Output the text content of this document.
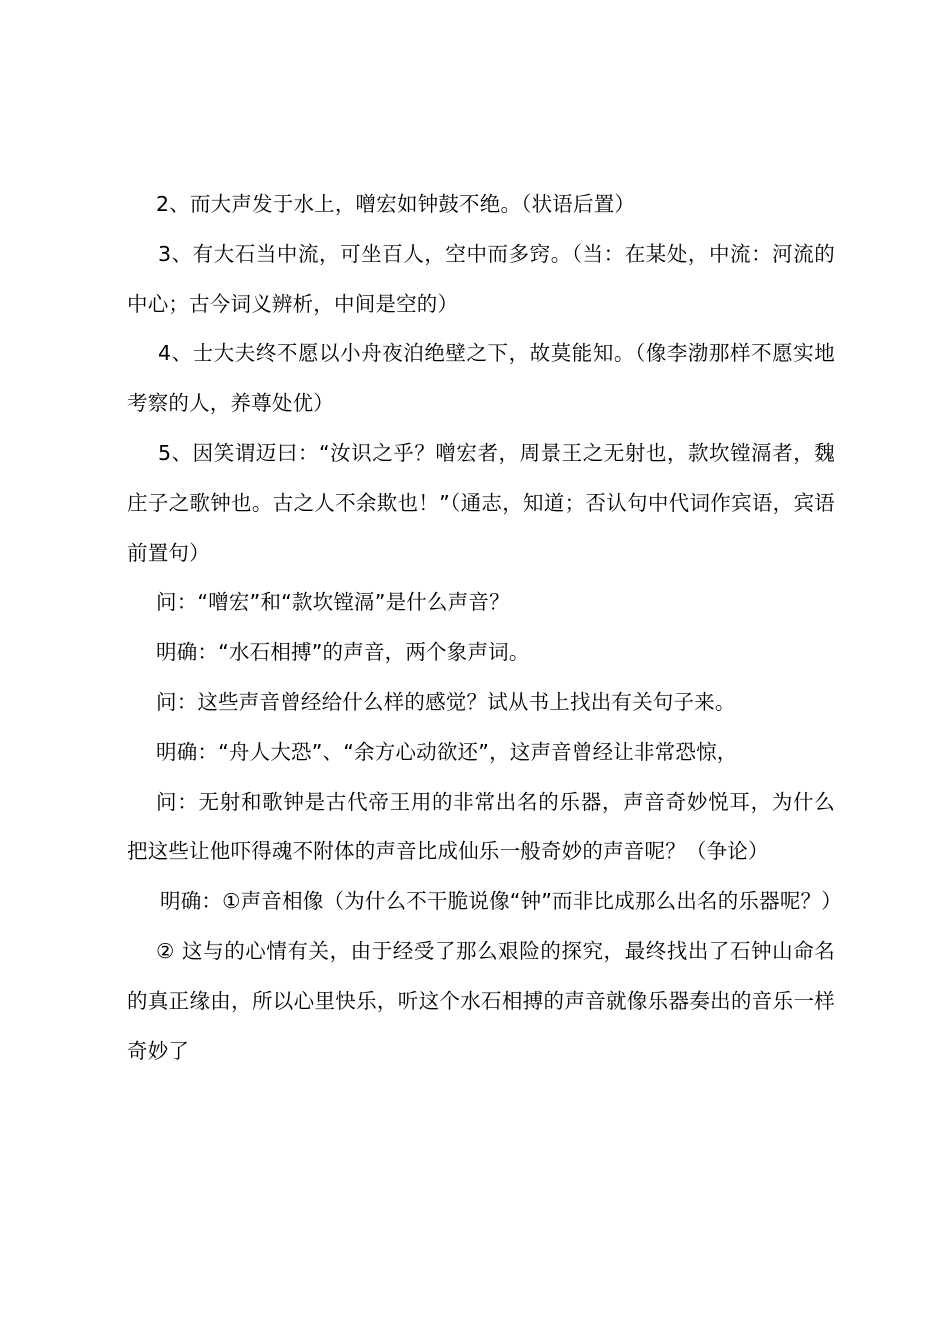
2、而大声发于水上，噌宏如钟鼓不绝。（状语后置）

3、有大石当中流，可坐百人，空中而多窍。（当：在某处，中流：河流的中心；古今词义辨析，中间是空的）

4、士大夫终不愿以小舟夜泊绝壁之下，故莫能知。（像李渤那样不愿实地考察的人，养尊处优）

5、因笑谓迈曰：“汝识之乎？噌宏者，周景王之无射也，款坎镗滆者，魏庄子之歌钟也。古之人不余欺也！”（通志，知道；否认句中代词作宾语，宾语前置句）

问：“噌宏”和“款坎镗滆”是什么声音？

明确：“水石相搏”的声音，两个象声词。

问：这些声音曾经给什么样的感觉？试从书上找出有关句子来。

明确：“舟人大恐”、“余方心动欲还”，这声音曾经让非常恐惊，

问：无射和歌钟是古代帝王用的非常出名的乐器，声音奇妙悦耳，为什么把这些让他吓得魂不附体的声音比成仙乐一般奇妙的声音呢？（争论）

明确：①声音相像（为什么不干脆说像“钟”而非比成那么出名的乐器呢？）

② 这与的心情有关，由于经受了那么艰险的探究，最终找出了石钟山命名的真正缘由，所以心里快乐，听这个水石相搏的声音就像乐器奏出的音乐一样奇妙了
